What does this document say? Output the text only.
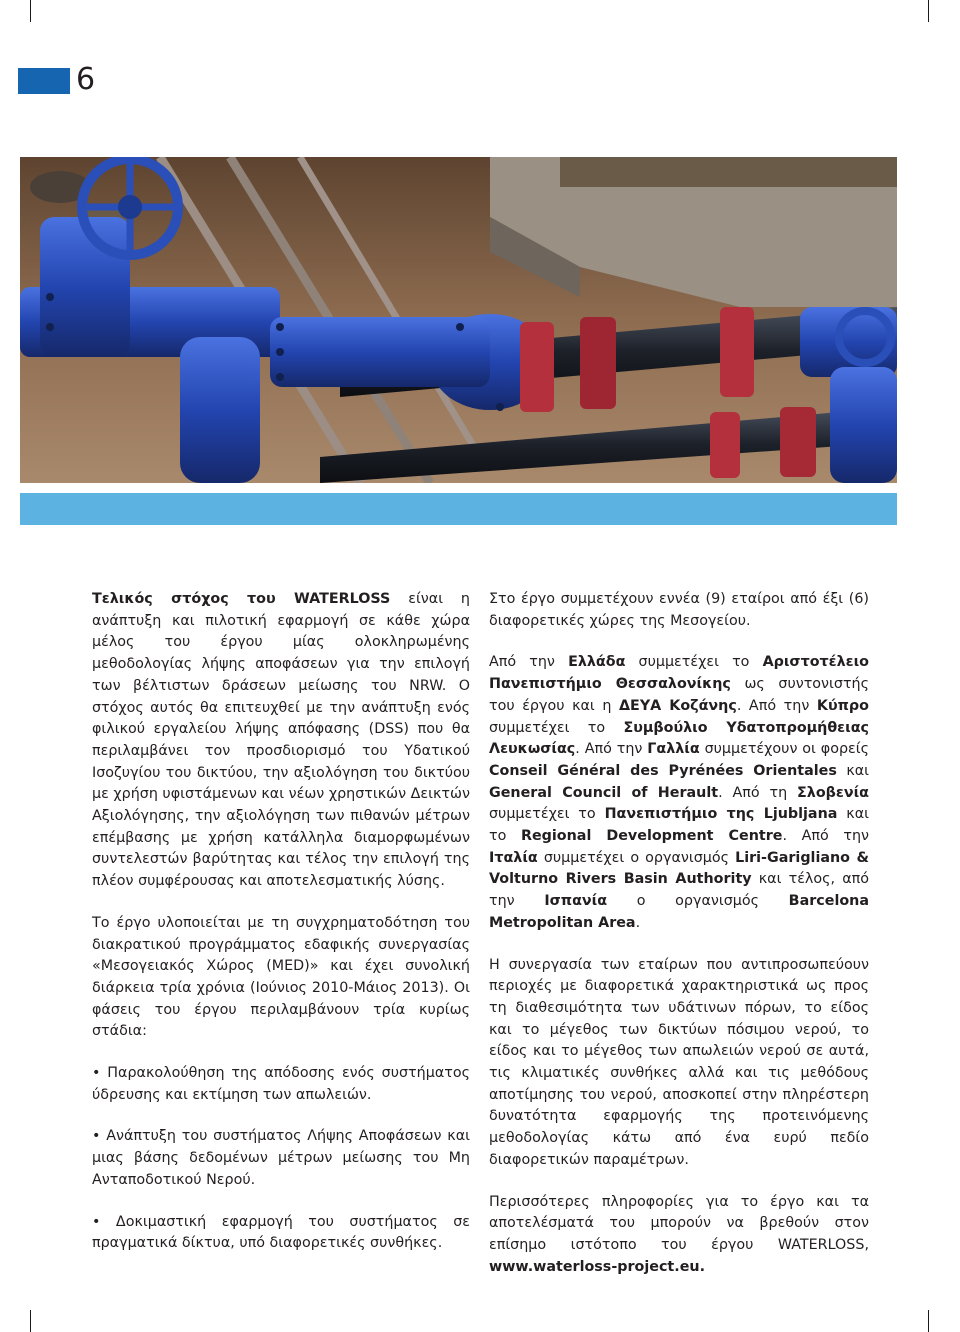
6

Τελικός στόχος του WATERLOSS είναι η ανάπτυξη και πιλοτική εφαρμογή σε κάθε χώρα μέλος του έργου μίας ολοκληρωμένης μεθοδολογίας λήψης αποφάσεων για την επιλογή των βέλτιστων δράσεων μείωσης του NRW. Ο στόχος αυτός θα επιτευχθεί με την ανάπτυξη ενός φιλικού εργαλείου λήψης απόφασης (DSS) που θα περιλαμβάνει τον προσδιορισμό του Υδατικού Ισοζυγίου του δικτύου, την αξιολόγηση του δικτύου με χρήση υφιστάμενων και νέων χρηστικών Δεικτών Αξιολόγησης, την αξιολόγηση των πιθανών μέτρων επέμβασης με χρήση κατάλληλα διαμορφωμένων συντελεστών βαρύτητας και τέλος την επιλογή της πλέον συμφέρουσας και αποτελεσματικής λύσης.

Το έργο υλοποιείται με τη συγχρηματοδότηση του διακρατικού προγράμματος εδαφικής συνεργασίας «Μεσογειακός Χώρος (MED)» και έχει συνολική διάρκεια τρία χρόνια (Ιούνιος 2010-Μάιος 2013). Οι φάσεις του έργου περιλαμβάνουν τρία κυρίως στάδια:

• Παρακολούθηση της απόδοσης ενός συστήματος ύδρευσης και εκτίμηση των απωλειών.

• Ανάπτυξη του συστήματος Λήψης Αποφάσεων και μιας βάσης δεδομένων μέτρων μείωσης του Μη Ανταποδοτικού Νερού.

• Δοκιμαστική εφαρμογή του συστήματος σε πραγματικά δίκτυα, υπό διαφορετικές συνθήκες.

Στο έργο συμμετέχουν εννέα (9) εταίροι από έξι (6) διαφορετικές χώρες της Μεσογείου.

Από την Ελλάδα συμμετέχει το Αριστοτέλειο Πανεπιστήμιο Θεσσαλονίκης ως συντονιστής του έργου και η ΔΕΥΑ Κοζάνης. Από την Κύπρο συμμετέχει το Συμβούλιο Υδατοπρομήθειας Λευκωσίας. Από την Γαλλία συμμετέχουν οι φορείς Conseil Général des Pyrénées Orientales και General Council of Herault. Από τη Σλοβενία συμμετέχει το Πανεπιστήμιο της Ljubljana και το Regional Development Centre. Από την Ιταλία συμμετέχει ο οργανισμός Liri-Garigliano & Volturno Rivers Basin Authority και τέλος, από την Ισπανία ο οργανισμός Barcelona Metropolitan Area.

Η συνεργασία των εταίρων που αντιπροσωπεύουν περιοχές με διαφορετικά χαρακτηριστικά ως προς τη διαθεσιμότητα των υδάτινων πόρων, το είδος και το μέγεθος των δικτύων πόσιμου νερού, το είδος και το μέγεθος των απωλειών νερού σε αυτά, τις κλιματικές συνθήκες αλλά και τις μεθόδους αποτίμησης του νερού, αποσκοπεί στην πληρέστερη δυνατότητα εφαρμογής της προτεινόμενης μεθοδολογίας κάτω από ένα ευρύ πεδίο διαφορετικών παραμέτρων.

Περισσότερες πληροφορίες για το έργο και τα αποτελέσματά του μπορούν να βρεθούν στον επίσημο ιστότοπο του έργου WATERLOSS, www.waterloss-project.eu.
